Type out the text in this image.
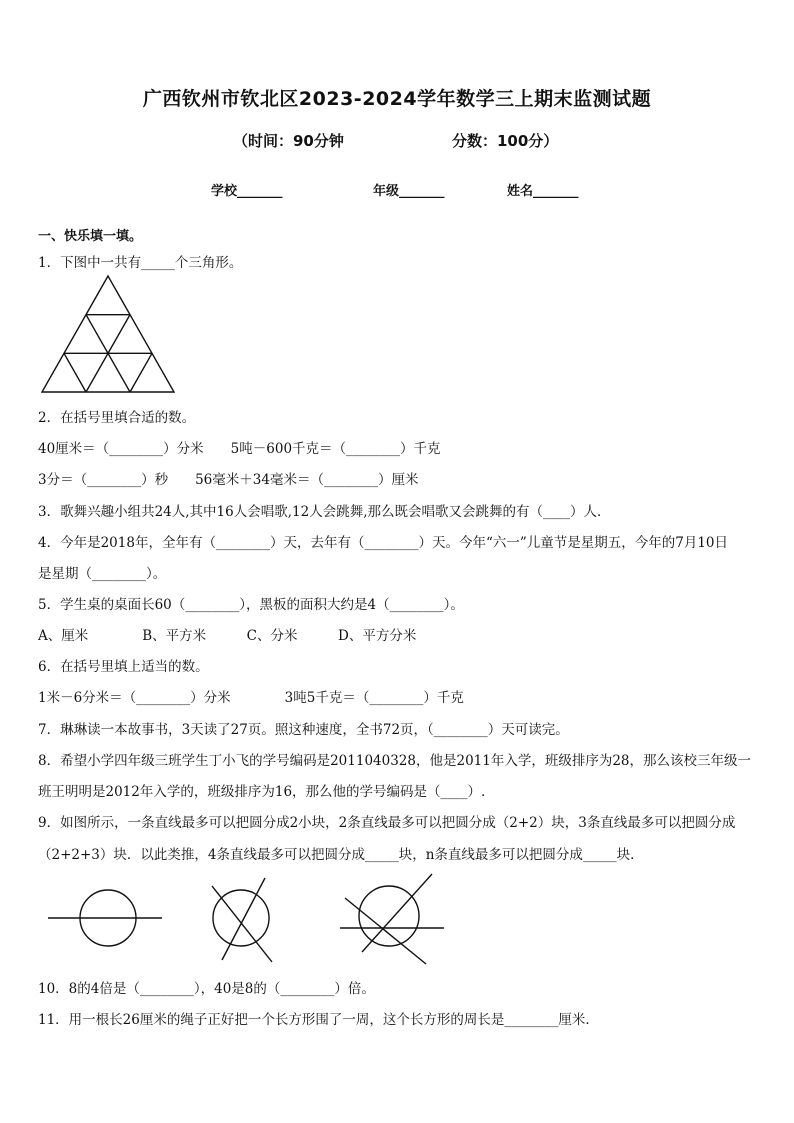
广西钦州市钦北区2023-2024学年数学三上期末监测试题
（时间：90分钟	分数：100分）
学校_______	年级_______	姓名_______
一、快乐填一填。
1．下图中一共有_____个三角形。
2．在括号里填合适的数。
40厘米＝（________）分米　　5吨－600千克＝（________）千克
3分＝（________）秒　　56毫米＋34毫米＝（________）厘米
3．歌舞兴趣小组共24人,其中16人会唱歌,12人会跳舞,那么既会唱歌又会跳舞的有（____）人．
4．今年是2018年，全年有（________）天，去年有（________）天。今年“六一”儿童节是星期五，今年的7月10日
是星期（________）。
5．学生桌的桌面长60（________），黑板的面积大约是4（________）。
A、厘米　　　　B、平方米　　　C、分米　　　D、平方分米
6．在括号里填上适当的数。
1米－6分米＝（________）分米　　　　3吨5千克＝（________）千克
7．琳琳读一本故事书，3天读了27页。照这种速度，全书72页，（________）天可读完。
8．希望小学四年级三班学生丁小飞的学号编码是2011040328，他是2011年入学，班级排序为28，那么该校三年级一
班王明明是2012年入学的，班级排序为16，那么他的学号编码是（____）.
9．如图所示，一条直线最多可以把圆分成2小块，2条直线最多可以把圆分成（2+2）块，3条直线最多可以把圆分成
（2+2+3）块．以此类推，4条直线最多可以把圆分成_____块，n条直线最多可以把圆分成_____块．
10．8的4倍是（________），40是8的（________）倍。
11．用一根长26厘米的绳子正好把一个长方形围了一周，这个长方形的周长是________厘米．
